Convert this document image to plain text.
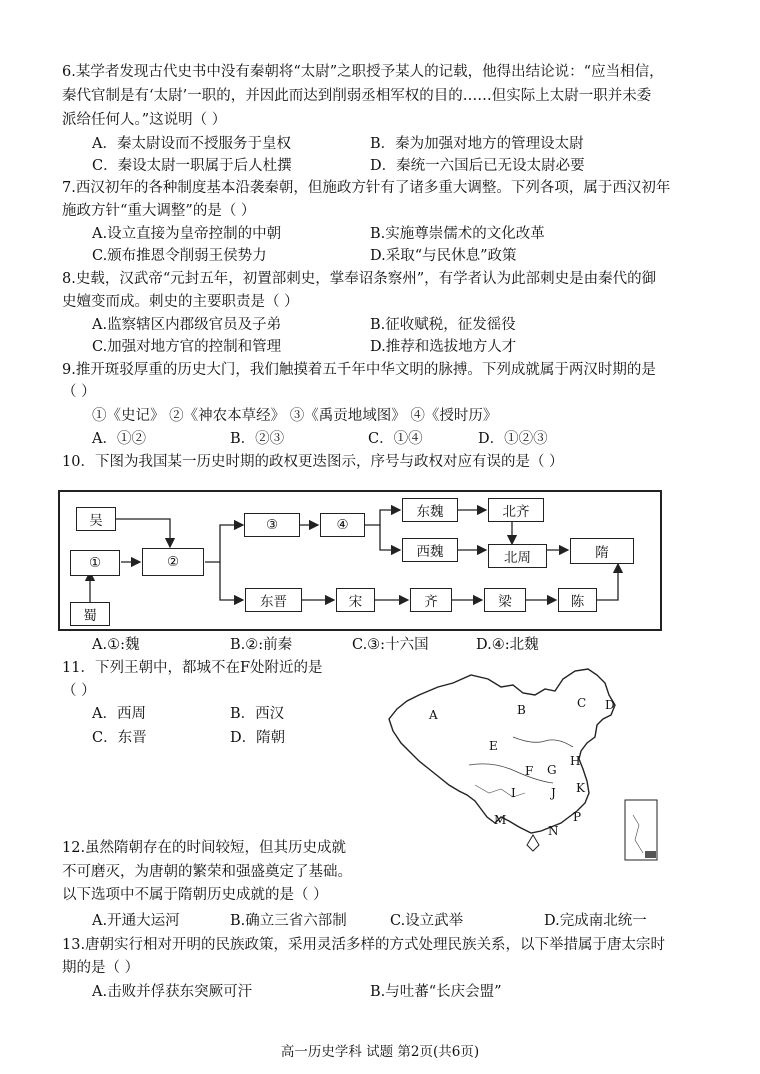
6.某学者发现古代史书中没有秦朝将“太尉”之职授予某人的记载，他得出结论说：“应当相信，
秦代官制是有‘太尉’一职的，并因此而达到削弱丞相军权的目的……但实际上太尉一职并未委
派给任何人。”这说明（ ）
A．秦太尉设而不授服务于皇权	B．秦为加强对地方的管理设太尉
C．秦设太尉一职属于后人杜撰	D．秦统一六国后已无设太尉必要
7.西汉初年的各种制度基本沿袭秦朝，但施政方针有了诸多重大调整。下列各项，属于西汉初年
施政方针“重大调整”的是（ ）
A.设立直接为皇帝控制的中朝	B.实施尊崇儒术的文化改革
C.颁布推恩令削弱王侯势力	D.采取“与民休息”政策
8.史载，汉武帝“元封五年，初置部刺史，掌奉诏条察州”，有学者认为此部刺史是由秦代的御
史嬗变而成。刺史的主要职责是（ ）
A.监察辖区内郡级官员及子弟	B.征收赋税，征发徭役
C.加强对地方官的控制和管理	D.推荐和选拔地方人才
9.推开斑驳厚重的历史大门，我们触摸着五千年中华文明的脉搏。下列成就属于两汉时期的是
（ ）
①《史记》 ②《神农本草经》 ③《禹贡地域图》 ④《授时历》
A．①②	B．②③	C．①④	D．①②③
10．下图为我国某一历史时期的政权更迭图示，序号与政权对应有误的是（ ）
吴
①
蜀
②
③	④
东魏	北齐
西魏	北周	隋
东晋	宋	齐	梁	陈
A.①:魏	B.②:前秦	C.③:十六国	D.④:北魏
11．下列王朝中，都城不在F处附近的是
（ ）
A．西周	B．西汉
C．东晋	D．隋朝
A	B	C D
E
F G
H
I	J K
M
N
P
12.虽然隋朝存在的时间较短，但其历史成就
不可磨灭，为唐朝的繁荣和强盛奠定了基础。
以下选项中不属于隋朝历史成就的是（ ）
A.开通大运河	B.确立三省六部制	C.设立武举	D.完成南北统一
13.唐朝实行相对开明的民族政策，采用灵活多样的方式处理民族关系，以下举措属于唐太宗时
期的是（ ）
A.击败并俘获东突厥可汗	B.与吐蕃“长庆会盟”
高一历史学科 试题 第2页(共6页)
